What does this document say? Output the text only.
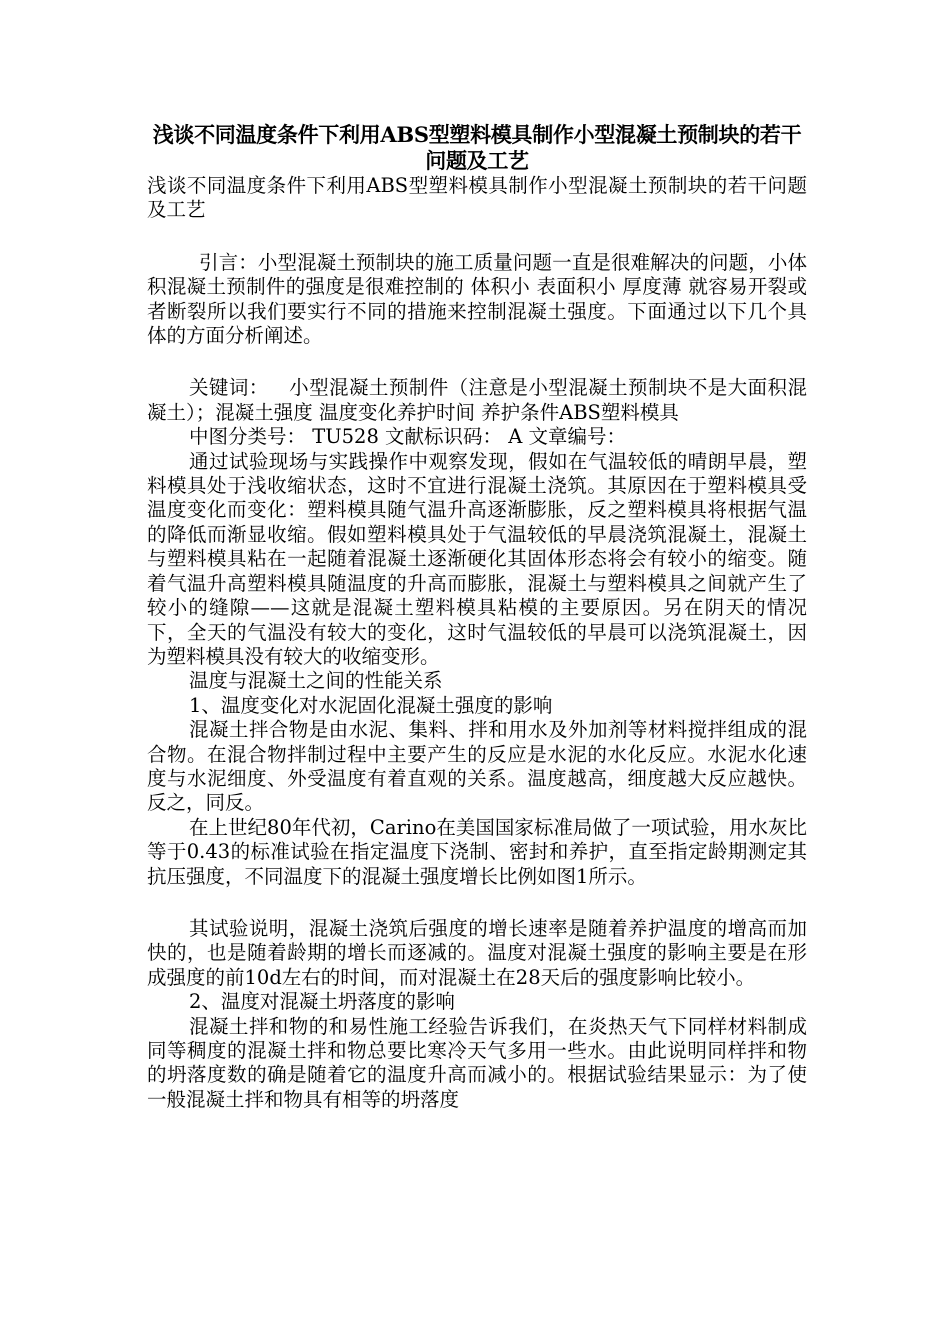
浅谈不同温度条件下利用ABS型塑料模具制作小型混凝土预制块的若干问题及工艺

浅谈不同温度条件下利用ABS型塑料模具制作小型混凝土预制块的若干问题及工艺

引言：小型混凝土预制块的施工质量问题一直是很难解决的问题，小体积混凝土预制件的强度是很难控制的 体积小 表面积小 厚度薄 就容易开裂或者断裂所以我们要实行不同的措施来控制混凝土强度。下面通过以下几个具体的方面分析阐述。

关键词： 小型混凝土预制件（注意是小型混凝土预制块不是大面积混凝土）；混凝土强度 温度变化养护时间 养护条件ABS塑料模具

中图分类号： TU528 文献标识码： A 文章编号：

通过试验现场与实践操作中观察发现，假如在气温较低的晴朗早晨，塑料模具处于浅收缩状态，这时不宜进行混凝土浇筑。其原因在于塑料模具受温度变化而变化：塑料模具随气温升高逐渐膨胀，反之塑料模具将根据气温的降低而渐显收缩。假如塑料模具处于气温较低的早晨浇筑混凝土，混凝土与塑料模具粘在一起随着混凝土逐渐硬化其固体形态将会有较小的缩变。随着气温升高塑料模具随温度的升高而膨胀，混凝土与塑料模具之间就产生了较小的缝隙——这就是混凝土塑料模具粘模的主要原因。另在阴天的情况下，全天的气温没有较大的变化，这时气温较低的早晨可以浇筑混凝土，因为塑料模具没有较大的收缩变形。

温度与混凝土之间的性能关系

1、温度变化对水泥固化混凝土强度的影响

混凝土拌合物是由水泥、集料、拌和用水及外加剂等材料搅拌组成的混合物。在混合物拌制过程中主要产生的反应是水泥的水化反应。水泥水化速度与水泥细度、外受温度有着直观的关系。温度越高，细度越大反应越快。反之，同反。

在上世纪80年代初，Carino在美国国家标准局做了一项试验，用水灰比等于0.43的标准试验在指定温度下浇制、密封和养护，直至指定龄期测定其抗压强度，不同温度下的混凝土强度增长比例如图1所示。

其试验说明，混凝土浇筑后强度的增长速率是随着养护温度的增高而加快的，也是随着龄期的增长而逐减的。温度对混凝土强度的影响主要是在形成强度的前10d左右的时间，而对混凝土在28天后的强度影响比较小。

2、温度对混凝土坍落度的影响

混凝土拌和物的和易性施工经验告诉我们，在炎热天气下同样材料制成同等稠度的混凝土拌和物总要比寒冷天气多用一些水。由此说明同样拌和物的坍落度数的确是随着它的温度升高而减小的。根据试验结果显示：为了使一般混凝土拌和物具有相等的坍落度
